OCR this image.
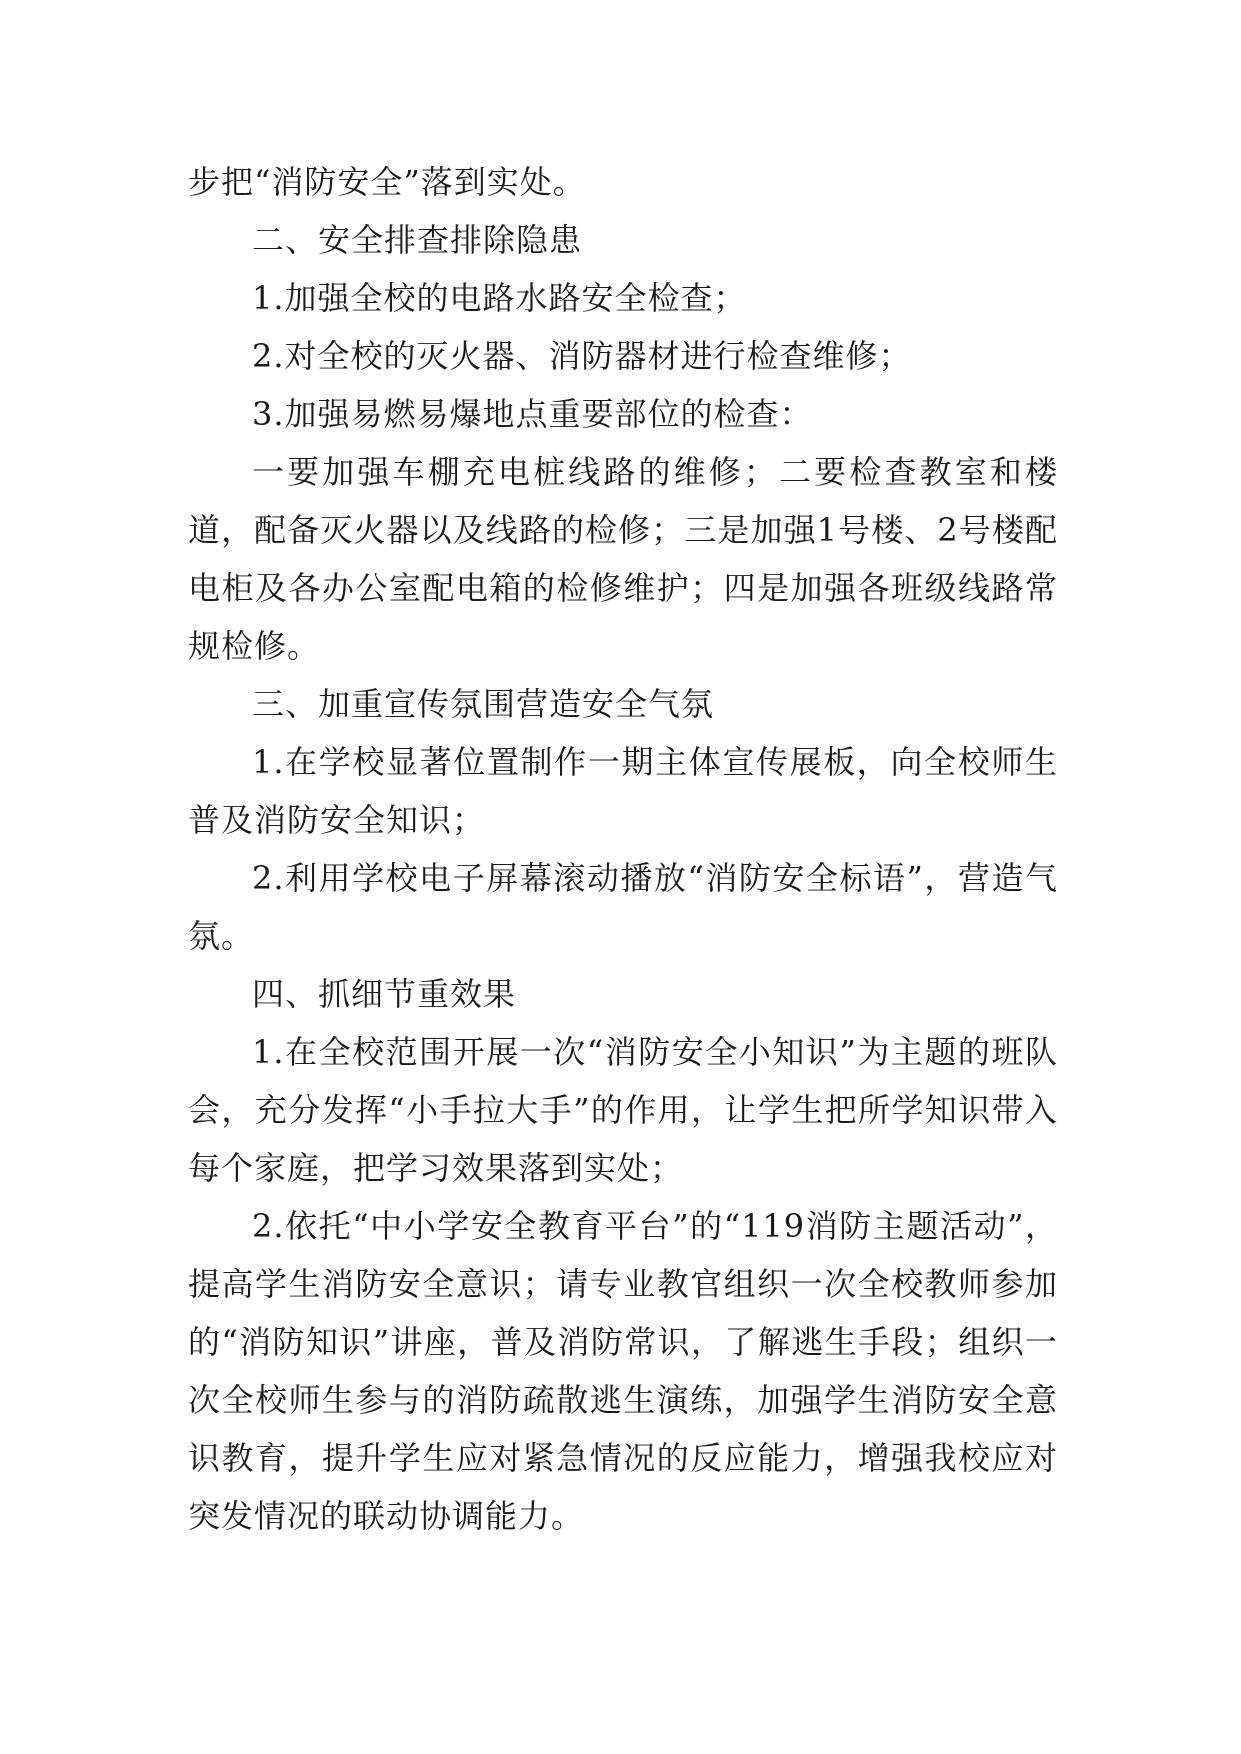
步把“消防安全”落到实处。

二、安全排查排除隐患

1.加强全校的电路水路安全检查；

2.对全校的灭火器、消防器材进行检查维修；

3.加强易燃易爆地点重要部位的检查：

一要加强车棚充电桩线路的维修；二要检查教室和楼道，配备灭火器以及线路的检修；三是加强1号楼、2号楼配电柜及各办公室配电箱的检修维护；四是加强各班级线路常规检修。

三、加重宣传氛围营造安全气氛

1.在学校显著位置制作一期主体宣传展板，向全校师生普及消防安全知识；

2.利用学校电子屏幕滚动播放“消防安全标语”，营造气氛。

四、抓细节重效果

1.在全校范围开展一次“消防安全小知识”为主题的班队会，充分发挥“小手拉大手”的作用，让学生把所学知识带入每个家庭，把学习效果落到实处；

2.依托“中小学安全教育平台”的“119消防主题活动”，提高学生消防安全意识；请专业教官组织一次全校教师参加的“消防知识”讲座，普及消防常识，了解逃生手段；组织一次全校师生参与的消防疏散逃生演练，加强学生消防安全意识教育，提升学生应对紧急情况的反应能力，增强我校应对突发情况的联动协调能力。
